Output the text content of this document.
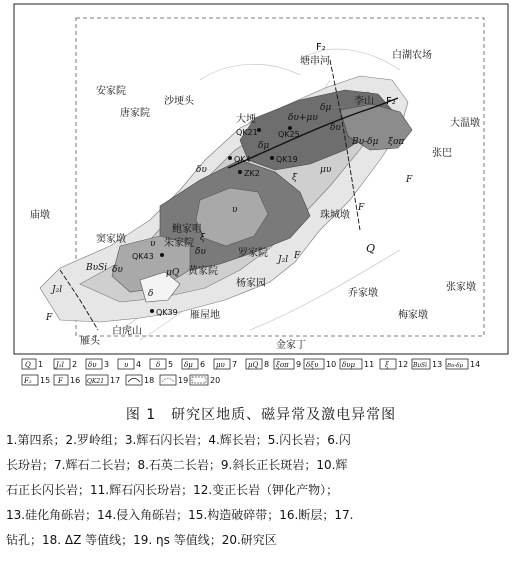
QK21	QK25
QK4
ZK2
QK19
QK43
QK39
δυ+μυ
δμ
Bυ-δμ ξοπ
δυ
μυ
ξ
υ
δυ
δυ
μQ
δ
δμ
υ	Q
J₂l
J₂l
F
F
F
F
BυSi δυ
ξ
F₂
塘串河
白湖农场
安家院
唐家院
沙埂头
大埂
李山 F₂
大温墩
张巴
庙墩	珠城墩
窦家墩
鲍家咀
朱家院
罗家院
黄家院
杨家园
乔家墩
张家墩
梅家墩
雁屋地
金家丁
白虎山
雁头
Q 1 J₂l 2 δυ 3 υ 4 δ 5 δμ 6 μυ 7 μQ 8 ξοπ 9 δξυ 10 δυμ 11 ξ 12 BυSi 13 Bυ-δμ 14
F₂ 15 F 16 QK21 17	18	19	20
图 1　研究区地质、磁异常及激电异常图
1.第四系；2.罗岭组；3.辉石闪长岩；4.辉长岩；5.闪长岩；6.闪
长玢岩；7.辉石二长岩；8.石英二长岩；9.斜长正长斑岩；10.辉
石正长闪长岩；11.辉石闪长玢岩；12.变正长岩（钾化产物）；
13.硅化角砾岩；14.侵入角砾岩；15.构造破碎带；16.断层；17.
钻孔；18. ΔZ 等值线；19. ηs 等值线；20.研究区
